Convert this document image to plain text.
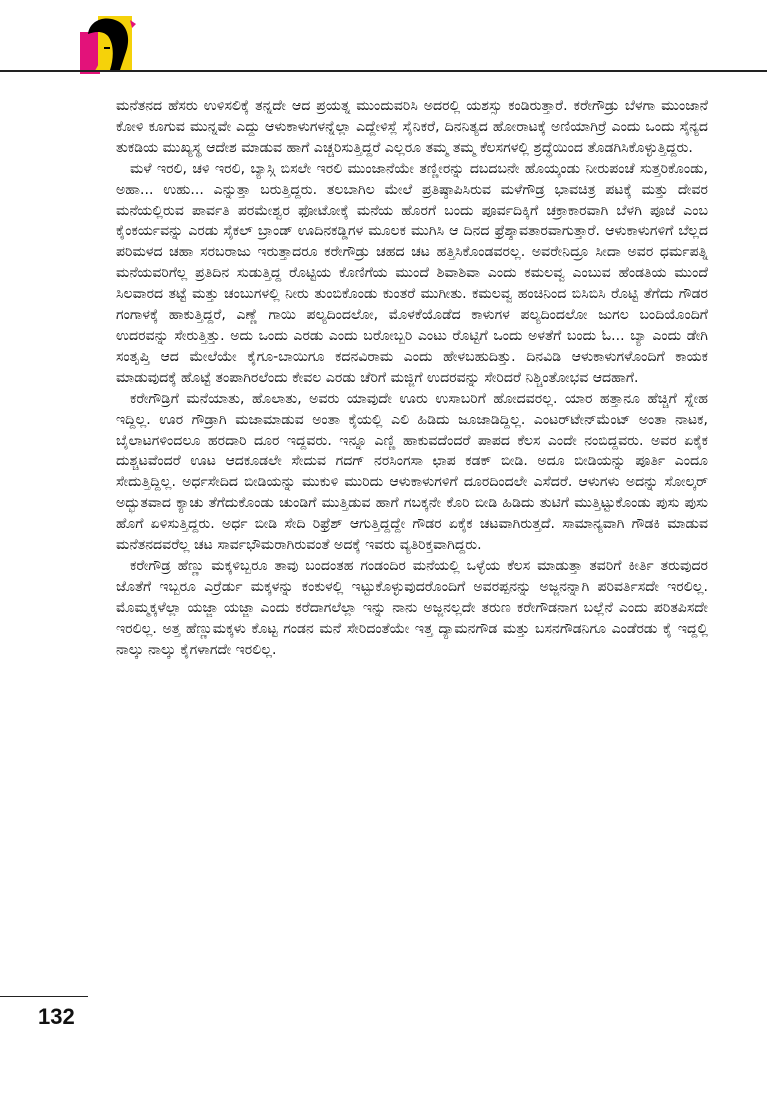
ಮನೆತನದ ಹೆಸರು ಉಳಿಸಲಿಕ್ಕೆ ತನ್ನದೇ ಆದ ಪ್ರಯತ್ನ ಮುಂದುವರಿಸಿ ಅದರಲ್ಲಿ ಯಶಸ್ಸು ಕಂಡಿರುತ್ತಾರೆ. ಕರೇಗೌಡ್ರು ಬೆಳಗಾ ಮುಂಜಾನೆ ಕೋಳಿ ಕೂಗುವ ಮುನ್ನವೇ ಎದ್ದು ಆಳುಕಾಳುಗಳನ್ನೆಲ್ಲಾ ಎದ್ದೇಳಿಸ್ಲೆ ಸೈನಿಕರೆ, ದಿನನಿತ್ಯದ ಹೋರಾಟಕ್ಕೆ ಅಣಿಯಾಗಿರ್ರೆ ಎಂದು ಒಂದು ಸೈನ್ಯದ ತುಕಡಿಯ ಮುಖ್ಯಸ್ಥ ಆದೇಶ ಮಾಡುವ ಹಾಗೆ ಎಚ್ಚರಿಸುತ್ತಿದ್ದರೆ ಎಲ್ಲರೂ ತಮ್ಮ ತಮ್ಮ ಕೆಲಸಗಳಲ್ಲಿ ಶ್ರದ್ಧೆಯಿಂದ ತೊಡಗಿಸಿಕೊಳ್ಳುತ್ತಿದ್ದರು.

ಮಳೆ ಇರಲಿ, ಚಳಿ ಇರಲಿ, ಬ್ಯಾಸ್ಗಿ ಬಿಸಲೇ ಇರಲಿ ಮುಂಜಾನೆಯೇ ತಣ್ಣೀರನ್ನು ದಬದಬನೇ ಹೊಯ್ಕಂಡು ನೀರುಪಂಚೆ ಸುತ್ತರಿಕೊಂಡು, ಅಹಾ... ಉಹು... ಎನ್ನುತ್ತಾ ಬರುತ್ತಿದ್ದರು. ತಲಬಾಗಿಲ ಮೇಲೆ ಪ್ರತಿಷ್ಠಾಪಿಸಿರುವ ಮಳೆಗೌಡ್ರ ಭಾವಚಿತ್ರ ಪಟಕ್ಕೆ ಮತ್ತು ದೇವರ ಮನೆಯಲ್ಲಿರುವ ಪಾರ್ವತಿ ಪರಮೇಶ್ವರ ಫೋಟೋಕ್ಕೆ ಮನೆಯ ಹೊರಗೆ ಬಂದು ಪೂರ್ವದಿಕ್ಕಿಗೆ ಚಕ್ರಾಕಾರವಾಗಿ ಬೆಳಗಿ ಪೂಜೆ ಎಂಬ ಕೈಂಕರ್ಯವನ್ನು ಎರಡು ಸೈಕಲ್ ಬ್ರಾಂಡ್ ಊದಿನಕಡ್ಡಿಗಳ ಮೂಲಕ ಮುಗಿಸಿ ಆ ದಿನದ ಫ್ರೆಶ್ಶಾವತಾರವಾಗುತ್ತಾರೆ. ಆಳುಕಾಳುಗಳಿಗೆ ಬೆಲ್ಲದ ಪರಿಮಳದ ಚಹಾ ಸರಬರಾಜು ಇರುತ್ತಾದರೂ ಕರೇಗೌಡ್ರು ಚಹದ ಚಟ ಹತ್ತಿಸಿಕೊಂಡವರಲ್ಲ. ಅವರೇನಿದ್ರೂ ಸೀದಾ ಅವರ ಧರ್ಮಪತ್ನಿ ಮನೆಯವರಿಗೆಲ್ಲ ಪ್ರತಿದಿನ ಸುಡುತ್ತಿದ್ದ ರೊಟ್ಟಿಯ ಕೊಣಿಗೆಯ ಮುಂದೆ ಶಿವಾಶಿವಾ ಎಂದು ಕಮಲವ್ವ ಎಂಬುವ ಹೆಂಡತಿಯ ಮುಂದೆ ಸಿಲವಾರದ ತಟ್ಟೆ ಮತ್ತು ಚಂಬುಗಳಲ್ಲಿ ನೀರು ತುಂಬಿಕೊಂಡು ಕುಂತರೆ ಮುಗೀತು. ಕಮಲವ್ವ ಹಂಚಿನಿಂದ ಬಿಸಿಬಿಸಿ ರೊಟ್ಟಿ ತೆಗೆದು ಗೌಡರ ಗಂಗಾಳಕ್ಕೆ ಹಾಕುತ್ತಿದ್ದರೆ, ಎಣ್ಣೆ ಗಾಯಿ ಪಲ್ಯದಿಂದಲೋ, ಮೊಳಕೆಯೊಡೆದ ಕಾಳುಗಳ ಪಲ್ಯದಿಂದಲೋ ಜುಗಲ ಬಂದಿಯೊಂದಿಗೆ ಉದರವನ್ನು ಸೇರುತ್ತಿತ್ತು. ಅದು ಒಂದು ಎರಡು ಎಂದು ಬರೋಬ್ಬರಿ ಎಂಟು ರೊಟ್ಟಿಗೆ ಒಂದು ಅಳತೆಗೆ ಬಂದು ಓ... ಬ್ಯಾ ಎಂದು ಡೇಗಿ ಸಂತೃಪ್ತಿ ಆದ ಮೇಲೆಯೇ ಕೈಗೂ-ಬಾಯಿಗೂ ಕದನವಿರಾಮ ಎಂದು ಹೇಳಬಹುದಿತ್ತು. ದಿನವಿಡಿ ಆಳುಕಾಳುಗಳೊಂದಿಗೆ ಕಾಯಕ ಮಾಡುವುದಕ್ಕೆ ಹೊಟ್ಟೆ ತಂಪಾಗಿರಲೆಂದು ಕೇವಲ ಎರಡು ಚೆರಿಗೆ ಮಜ್ಜಿಗೆ ಉದರವನ್ನು ಸೇರಿದರೆ ನಿಶ್ಚಿಂತೋಭವ ಆದಹಾಗೆ.

ಕರೇಗೌಡ್ರಿಗೆ ಮನೆಯಾತು, ಹೊಲಾತು, ಅವರು ಯಾವುದೇ ಊರು ಉಸಾಬರಿಗೆ ಹೋದವರಲ್ಲ. ಯಾರ ಹತ್ತಾನೂ ಹೆಚ್ಚಿಗೆ ಸ್ನೇಹ ಇದ್ದಿಲ್ಲ. ಊರ ಗೌಡ್ರಾಗಿ ಮಜಾಮಾಡುವ ಅಂತಾ ಕೈಯಲ್ಲಿ ಎಲಿ ಹಿಡಿದು ಜೂಜಾಡಿದ್ದಿಲ್ಲ. ಎಂಟರ್‌ಟೇನ್‌ಮೆಂಟ್ ಅಂತಾ ನಾಟಕ, ಬೈಲಾಟಗಳಿಂದಲೂ ಹರದಾರಿ ದೂರ ಇದ್ದವರು. ಇನ್ನೂ ಎಣ್ಣಿ ಹಾಕುವದೆಂದರೆ ಪಾಪದ ಕೆಲಸ ಎಂದೇ ನಂಬಿದ್ದವರು. ಅವರ ಏಕೈಕ ದುಶ್ಚಟವೆಂದರೆ ಊಟ ಆದಕೂಡಲೇ ಸೇದುವ ಗದಗ್ ನರಸಿಂಗಸಾ ಛಾಪ ಕಡಕ್ ಬೀಡಿ. ಅದೂ ಬೀಡಿಯನ್ನು ಪೂರ್ತಿ ಎಂದೂ ಸೇದುತ್ತಿದ್ದಿಲ್ಲ. ಅರ್ಧಸೇದಿದ ಬೀಡಿಯನ್ನು ಮುಕುಳಿ ಮುರಿದು ಆಳುಕಾಳುಗಳಿಗೆ ದೂರದಿಂದಲೇ ಎಸೆದರೆ. ಆಳುಗಳು ಅದನ್ನು ಸೋಲ್ಕರ್ ಅದ್ಭುತವಾದ ಕ್ಯಾಚು ತೆಗೆದುಕೊಂಡು ಚುಂಡಿಗೆ ಮುತ್ತಿಡುವ ಹಾಗೆ ಗಬಕ್ಕನೇ ಕೊರಿ ಬೀಡಿ ಹಿಡಿದು ತುಟಿಗೆ ಮುತ್ತಿಟ್ಟುಕೊಂಡು ಪುಸು ಪುಸು ಹೊಗೆ ಏಳಿಸುತ್ತಿದ್ದರು. ಅರ್ಧ ಬೀಡಿ ಸೇದಿ ರಿಫ್ರೆಶ್ ಆಗುತ್ತಿದ್ದದ್ದೇ ಗೌಡರ ಏಕೈಕ ಚಟವಾಗಿರುತ್ತದೆ. ಸಾಮಾನ್ಯವಾಗಿ ಗೌಡಕಿ ಮಾಡುವ ಮನೆತನದವರೆಲ್ಲ ಚಟ ಸಾರ್ವಭೌಮರಾಗಿರುವಂತೆ ಅದಕ್ಕೆ ಇವರು ವ್ಯತಿರಿಕ್ತವಾಗಿದ್ದರು.

ಕರೇಗೌಡ್ರ ಹೆಣ್ಣು ಮಕ್ಕಳಿಬ್ಬರೂ ತಾವು ಬಂದಂತಹ ಗಂಡಂದಿರ ಮನೆಯಲ್ಲಿ ಒಳ್ಳೆಯ ಕೆಲಸ ಮಾಡುತ್ತಾ ತವರಿಗೆ ಕೀರ್ತಿ ತರುವುದರ ಜೊತೆಗೆ ಇಬ್ಬರೂ ಎರ್ರೆರ್ಡು ಮಕ್ಕಳನ್ನು ಕಂಕುಳಲ್ಲಿ ಇಟ್ಟುಕೊಳ್ಳುವುದರೊಂದಿಗೆ ಅವರಪ್ಪನನ್ನು ಅಜ್ಜನನ್ನಾಗಿ ಪರಿವರ್ತಿಸದೇ ಇರಲಿಲ್ಲ. ಮೊಮ್ಮಕ್ಕಳೆಲ್ಲಾ ಯಜ್ಜಾ ಯಜ್ಜಾ ಎಂದು ಕರೆದಾಗಲೆಲ್ಲಾ ಇನ್ನು ನಾನು ಅಜ್ಜನಲ್ಲದೇ ತರುಣ ಕರೇಗೌಡನಾಗ ಬಲ್ಲೆನೆ ಎಂದು ಪರಿತಪಿಸದೇ ಇರಲಿಲ್ಲ. ಅತ್ತ ಹೆಣ್ಣುಮಕ್ಕಳು ಕೊಟ್ಟ ಗಂಡನ ಮನೆ ಸೇರಿದಂತೆಯೇ ಇತ್ತ ದ್ಯಾಮನಗೌಡ ಮತ್ತು ಬಸನಗೌಡನಿಗೂ ಎಂಡೆರಡು ಕೈ ಇದ್ದಲ್ಲಿ ನಾಲ್ಕು ನಾಲ್ಕು ಕೈಗಳಾಗದೇ ಇರಲಿಲ್ಲ.

132
